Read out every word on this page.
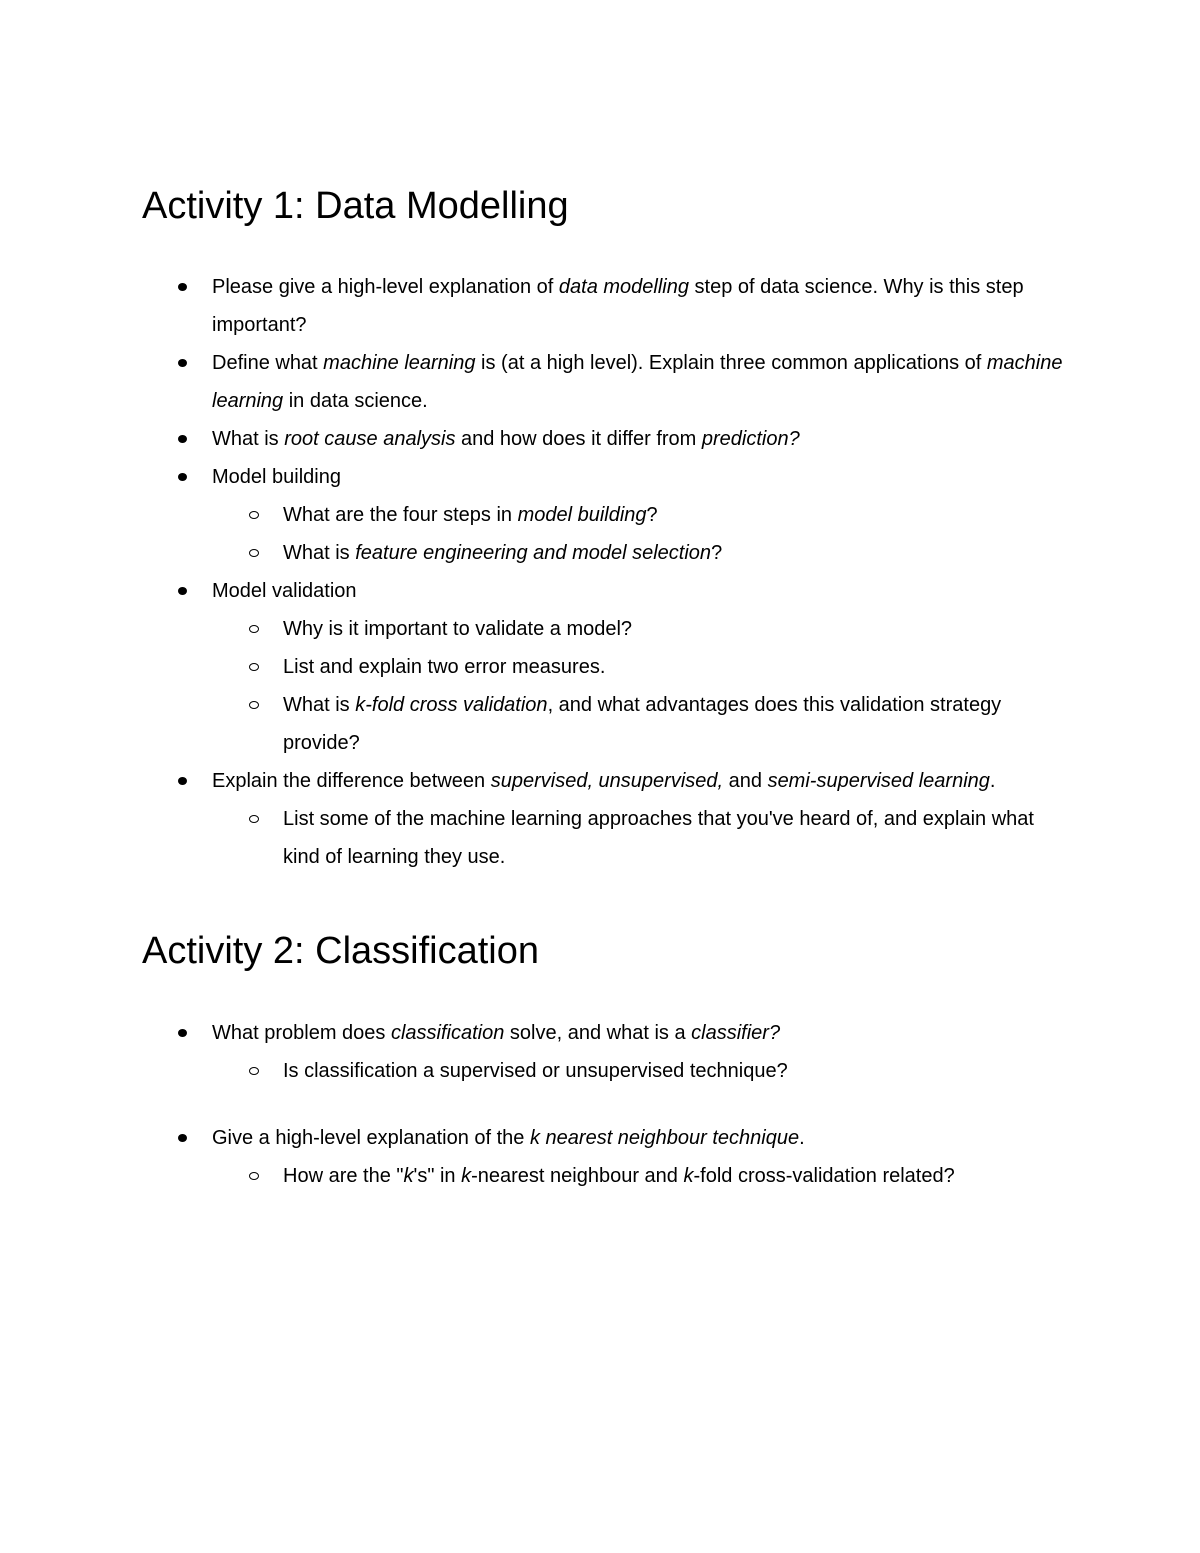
Activity 1: Data Modelling
Please give a high-level explanation of data modelling step of data science. Why is this step important?
Define what machine learning is (at a high level). Explain three common applications of machine learning in data science.
What is root cause analysis and how does it differ from prediction?
Model building
What are the four steps in model building?
What is feature engineering and model selection?
Model validation
Why is it important to validate a model?
List and explain two error measures.
What is k-fold cross validation, and what advantages does this validation strategy provide?
Explain the difference between supervised, unsupervised, and semi-supervised learning.
List some of the machine learning approaches that you've heard of, and explain what kind of learning they use.
Activity 2: Classification
What problem does classification solve, and what is a classifier?
Is classification a supervised or unsupervised technique?
Give a high-level explanation of the k nearest neighbour technique.
How are the "k's" in k-nearest neighbour and k-fold cross-validation related?
